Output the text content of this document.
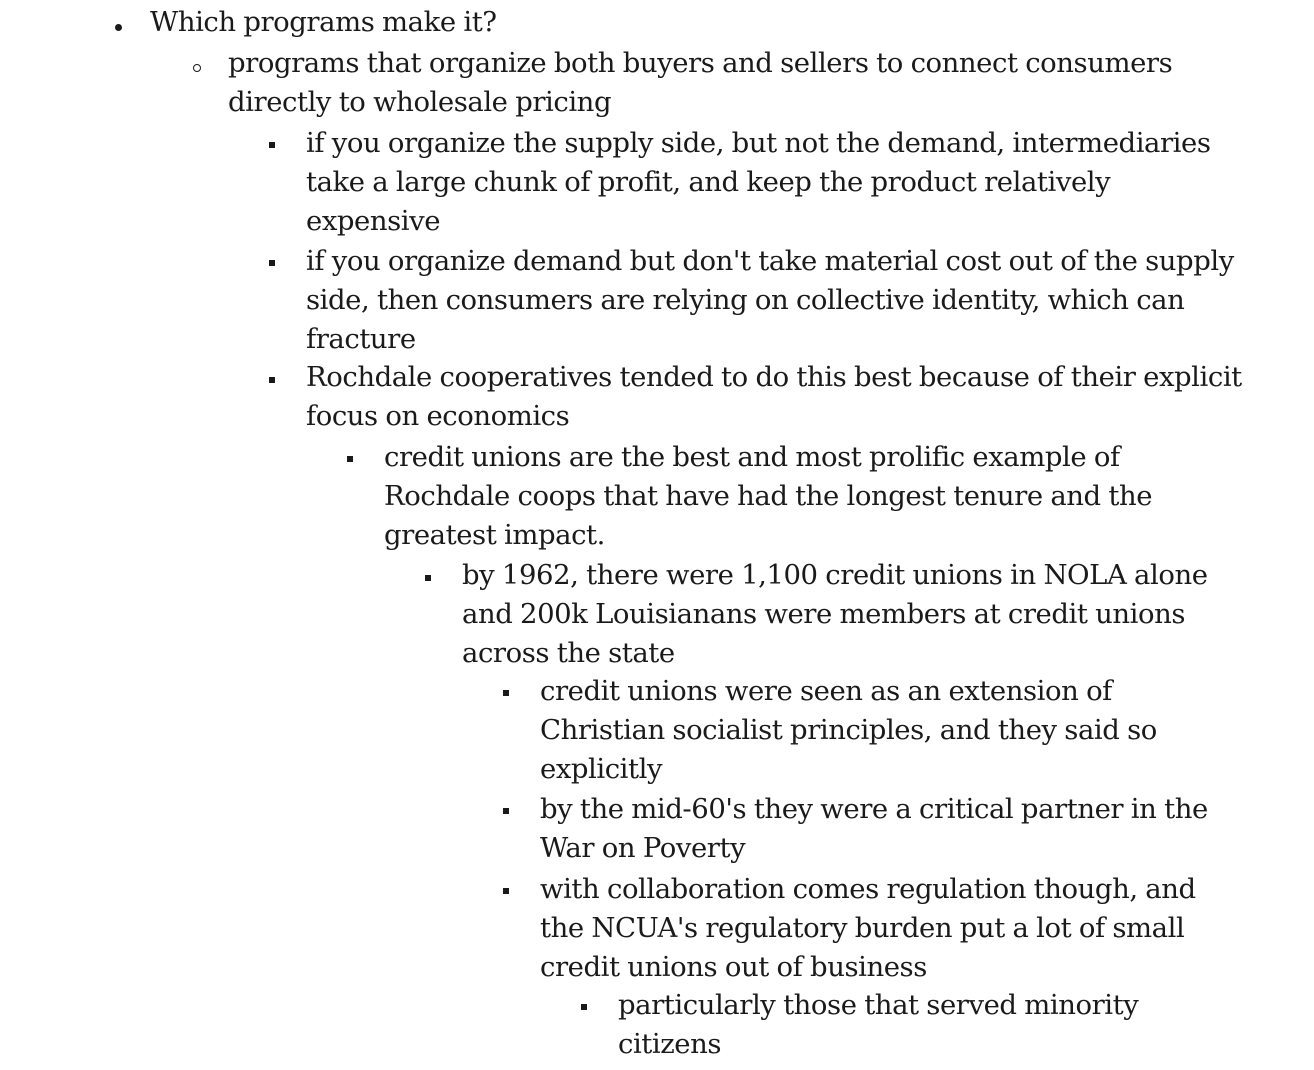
Which programs make it?
programs that organize both buyers and sellers to connect consumers
directly to wholesale pricing
if you organize the supply side, but not the demand, intermediaries
take a large chunk of profit, and keep the product relatively
expensive
if you organize demand but don't take material cost out of the supply
side, then consumers are relying on collective identity, which can
fracture
Rochdale cooperatives tended to do this best because of their explicit
focus on economics
credit unions are the best and most prolific example of
Rochdale coops that have had the longest tenure and the
greatest impact.
by 1962, there were 1,100 credit unions in NOLA alone
and 200k Louisianans were members at credit unions
across the state
credit unions were seen as an extension of
Christian socialist principles, and they said so
explicitly
by the mid-60's they were a critical partner in the
War on Poverty
with collaboration comes regulation though, and
the NCUA's regulatory burden put a lot of small
credit unions out of business
particularly those that served minority
citizens
